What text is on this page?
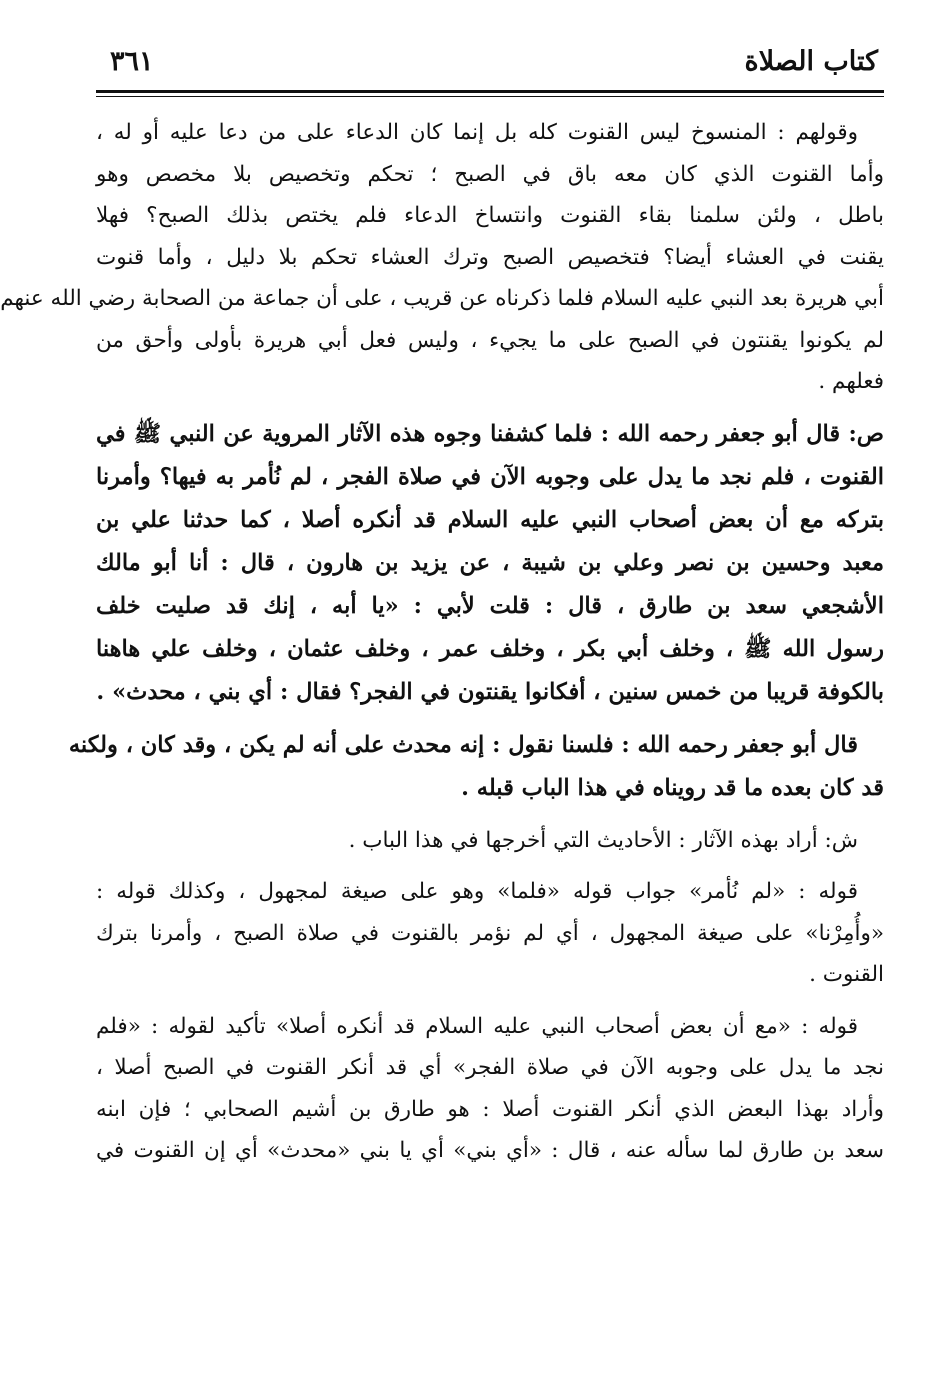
كتاب الصلاة
٣٦١
وقولهم : المنسوخ ليس القنوت كله بل إنما كان الدعاء على من دعا عليه أو له ،
وأما القنوت الذي كان معه باق في الصبح ؛ تحكم وتخصيص بلا مخصص وهو
باطل ، ولئن سلمنا بقاء القنوت وانتساخ الدعاء فلم يختص بذلك الصبح؟ فهلا
يقنت في العشاء أيضا؟ فتخصيص الصبح وترك العشاء تحكم بلا دليل ، وأما قنوت
أبي هريرة بعد النبي عليه السلام فلما ذكرناه عن قريب ، على أن جماعة من الصحابة رضي الله عنهم
لم يكونوا يقنتون في الصبح على ما يجيء ، وليس فعل أبي هريرة بأولى وأحق من
فعلهم .
ص: قال أبو جعفر رحمه الله : فلما كشفنا وجوه هذه الآثار المروية عن النبي ﷺ في
القنوت ، فلم نجد ما يدل على وجوبه الآن في صلاة الفجر ، لم نُأمر به فيها؟ وأمرنا
بتركه مع أن بعض أصحاب النبي عليه السلام قد أنكره أصلا ، كما حدثنا علي بن
معبد وحسين بن نصر وعلي بن شيبة ، عن يزيد بن هارون ، قال : أنا أبو مالك
الأشجعي سعد بن طارق ، قال : قلت لأبي : «يا أبه ، إنك قد صليت خلف
رسول الله ﷺ ، وخلف أبي بكر ، وخلف عمر ، وخلف عثمان ، وخلف علي هاهنا
بالكوفة قريبا من خمس سنين ، أفكانوا يقنتون في الفجر؟ فقال : أي بني ، محدث» .
قال أبو جعفر رحمه الله : فلسنا نقول : إنه محدث على أنه لم يكن ، وقد كان ، ولكنه
قد كان بعده ما قد رويناه في هذا الباب قبله .
ش: أراد بهذه الآثار : الأحاديث التي أخرجها في هذا الباب .
قوله : «لم نُأمر» جواب قوله «فلما» وهو على صيغة لمجهول ، وكذلك قوله :
«وأُمِرْنا» على صيغة المجهول ، أي لم نؤمر بالقنوت في صلاة الصبح ، وأمرنا بترك
القنوت .
قوله : «مع أن بعض أصحاب النبي عليه السلام قد أنكره أصلا» تأكيد لقوله : «فلم
نجد ما يدل على وجوبه الآن في صلاة الفجر» أي قد أنكر القنوت في الصبح أصلا ،
وأراد بهذا البعض الذي أنكر القنوت أصلا : هو طارق بن أشيم الصحابي ؛ فإن ابنه
سعد بن طارق لما سأله عنه ، قال : «أي بني» أي يا بني «محدث» أي إن القنوت في
